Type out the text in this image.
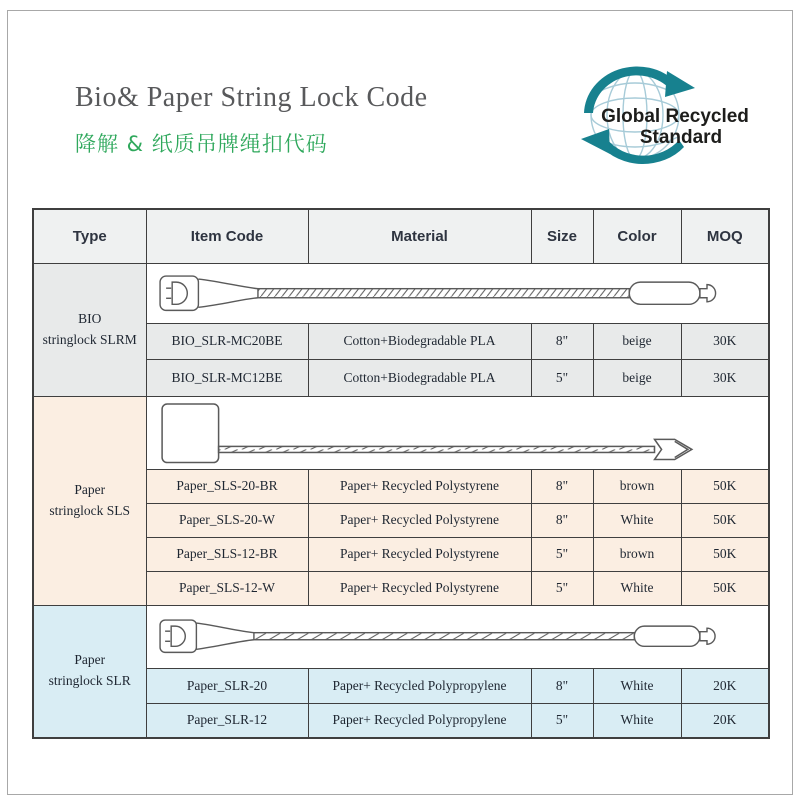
Bio& Paper String Lock Code
降解 & 纸质吊牌绳扣代码
Global Recycled
Standard
Type	Item Code	Material	Size	Color	MOQ

BIO
stringlock SLRM

	BIO_SLR-MC20BE	Cotton+Biodegradable PLA	8"	beige	30K
	BIO_SLR-MC12BE	Cotton+Biodegradable PLA	5"	beige	30K

Paper
stringlock SLS

	Paper_SLS-20-BR	Paper+ Recycled Polystyrene	8"	brown	50K
	Paper_SLS-20-W	Paper+ Recycled Polystyrene	8"	White	50K
	Paper_SLS-12-BR	Paper+ Recycled Polystyrene	5"	brown	50K
	Paper_SLS-12-W	Paper+ Recycled Polystyrene	5"	White	50K

Paper
stringlock SLR

	Paper_SLR-20	Paper+ Recycled Polypropylene	8"	White	20K
	Paper_SLR-12	Paper+ Recycled Polypropylene	5"	White	20K
